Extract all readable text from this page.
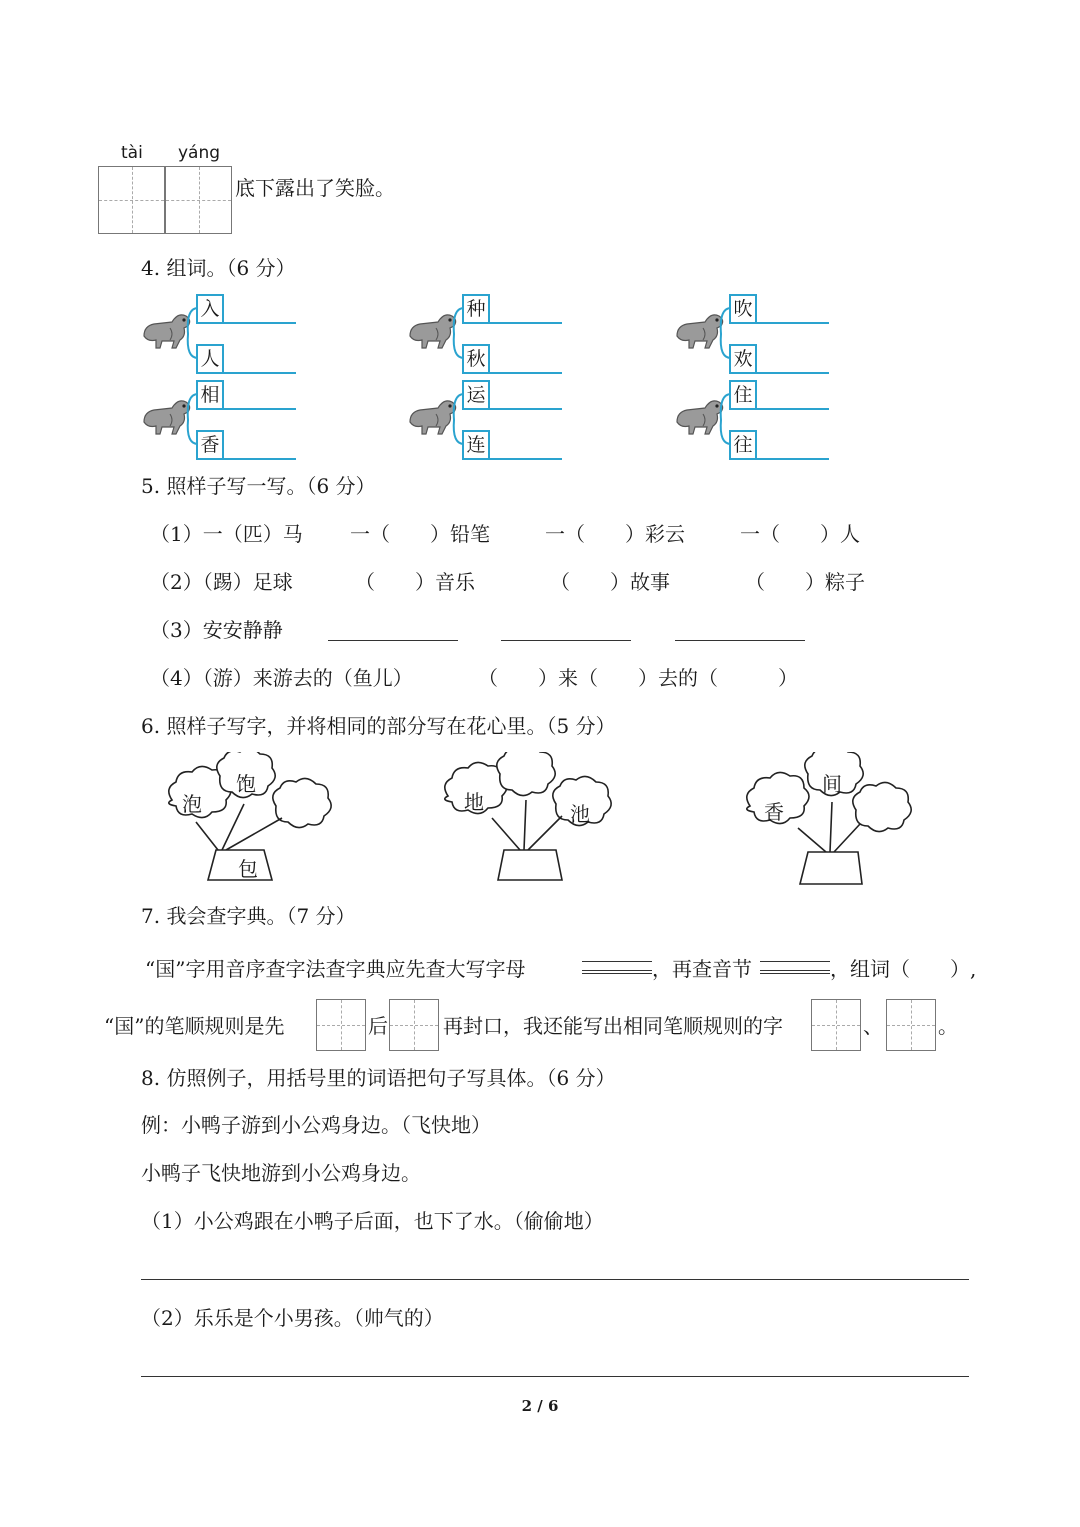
tài yáng
底下露出了笑脸。
4. 组词。（6 分）
入
人
种
秋
吹
欢
相
香
运
连
住
往
5. 照样子写一写。（6 分）
（1）一（匹）马 一（　　）铅笔	一（　　）彩云	一（　　）人
（2）（踢）足球	（　　）音乐	（　　）故事	（　　）粽子
（3）安安静静
（4）（游）来游去的（鱼儿）	（　　）来（　　）去的（　　　）
6. 照样子写字，并将相同的部分写在花心里。（5 分）
泡
饱
包
地	池	香
间
7. 我会查字典。（7 分）
“国”字用音序查字法查字典应先查大写字母	，再查音节	，组词（　　）,
“国”的笔顺规则是先	后	再封口，我还能写出相同笔顺规则的字	、	。
8. 仿照例子，用括号里的词语把句子写具体。（6 分）
例：小鸭子游到小公鸡身边。（飞快地）
小鸭子飞快地游到小公鸡身边。
（1）小公鸡跟在小鸭子后面，也下了水。（偷偷地）
（2）乐乐是个小男孩。（帅气的）
2 / 6
